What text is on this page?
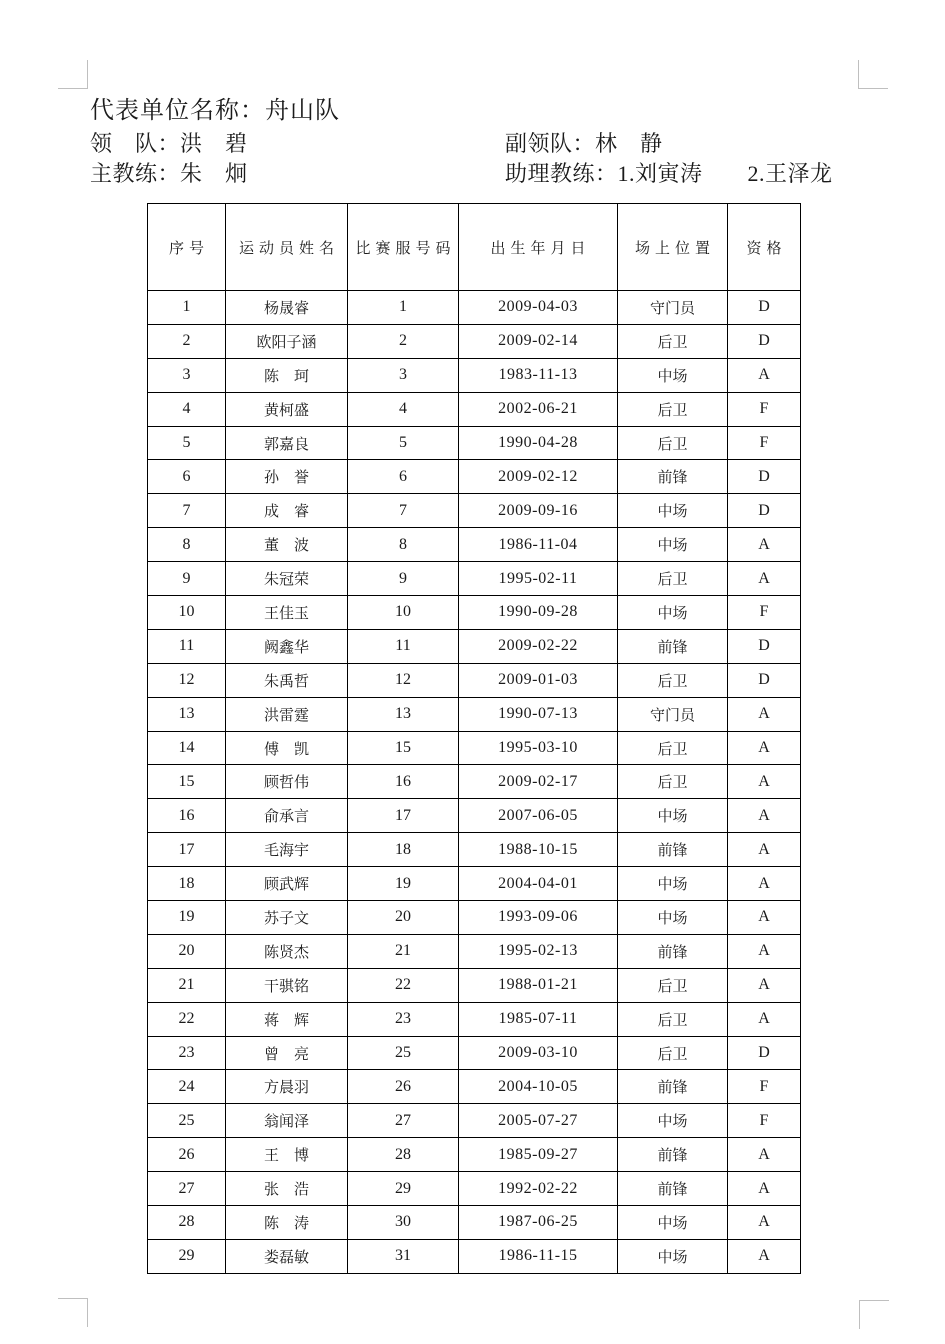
代表单位名称：舟山队
领　队：洪　碧	副领队：林　静
主教练：朱　炯	助理教练：1.刘寅涛　　2.王泽龙
序号	运动员姓名	比赛服号码	出生年月日	场上位置	资格
1	杨晟睿	1	2009-04-03	守门员	D
2	欧阳子涵	2	2009-02-14	后卫	D
3	陈　珂	3	1983-11-13	中场	A
4	黄柯盛	4	2002-06-21	后卫	F
5	郭嘉良	5	1990-04-28	后卫	F
6	孙　誉	6	2009-02-12	前锋	D
7	成　睿	7	2009-09-16	中场	D
8	董　波	8	1986-11-04	中场	A
9	朱冠荣	9	1995-02-11	后卫	A
10	王佳玉	10	1990-09-28	中场	F
11	阙鑫华	11	2009-02-22	前锋	D
12	朱禹哲	12	2009-01-03	后卫	D
13	洪雷霆	13	1990-07-13	守门员	A
14	傅　凯	15	1995-03-10	后卫	A
15	顾哲伟	16	2009-02-17	后卫	A
16	俞承言	17	2007-06-05	中场	A
17	毛海宇	18	1988-10-15	前锋	A
18	顾武辉	19	2004-04-01	中场	A
19	苏子文	20	1993-09-06	中场	A
20	陈贤杰	21	1995-02-13	前锋	A
21	干骐铭	22	1988-01-21	后卫	A
22	蒋　辉	23	1985-07-11	后卫	A
23	曾　亮	25	2009-03-10	后卫	D
24	方晨羽	26	2004-10-05	前锋	F
25	翁闻泽	27	2005-07-27	中场	F
26	王　博	28	1985-09-27	前锋	A
27	张　浩	29	1992-02-22	前锋	A
28	陈　涛	30	1987-06-25	中场	A
29	娄磊敏	31	1986-11-15	中场	A
